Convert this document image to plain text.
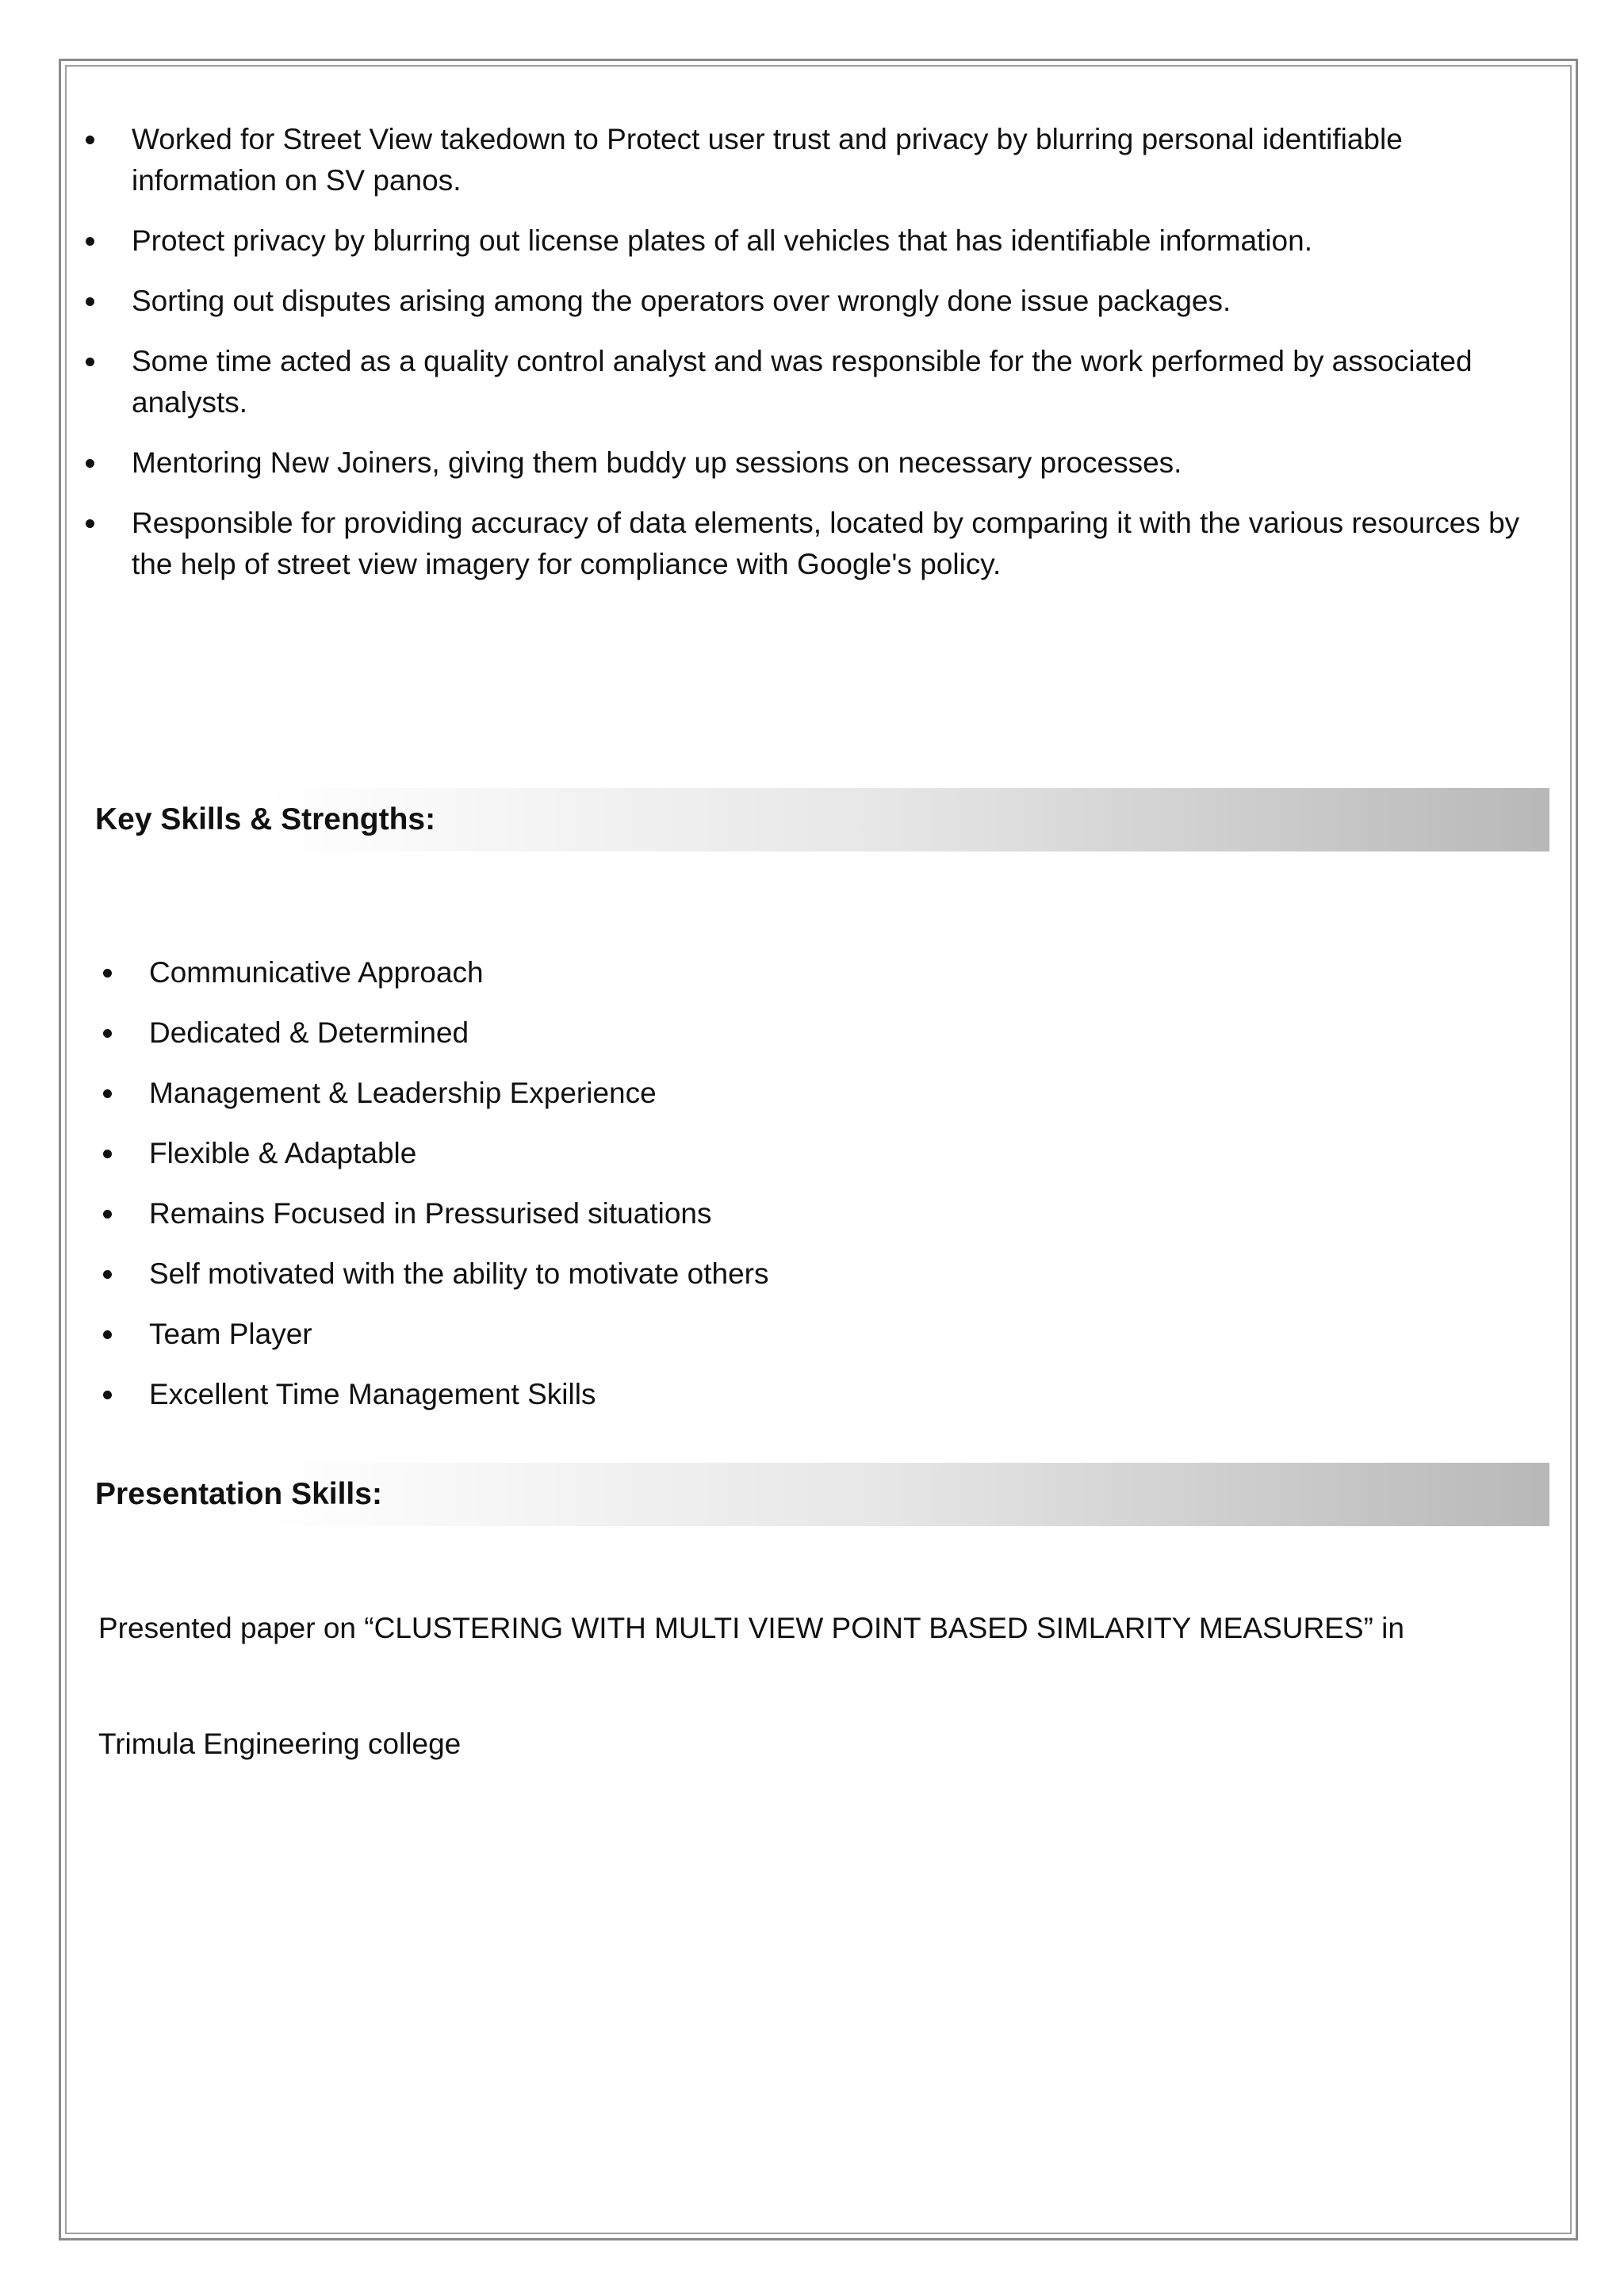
Worked for Street View takedown to Protect user trust and privacy by blurring personal identifiable information on SV panos.
Protect privacy by blurring out license plates of all vehicles that has identifiable information.
Sorting out disputes arising among the operators over wrongly done issue packages.
Some time acted as a quality control analyst and was responsible for the work performed by associated analysts.
Mentoring New Joiners, giving them buddy up sessions on necessary processes.
Responsible for providing accuracy of data elements, located by comparing it with the various resources by the help of street view imagery for compliance with Google's policy.
Key Skills & Strengths:
Communicative Approach
Dedicated & Determined
Management & Leadership Experience
Flexible & Adaptable
Remains Focused in Pressurised situations
Self motivated with the ability to motivate others
Team Player
Excellent Time Management Skills
Presentation Skills:
Presented paper on “CLUSTERING WITH MULTI VIEW POINT BASED SIMLARITY MEASURES” in
Trimula Engineering college
